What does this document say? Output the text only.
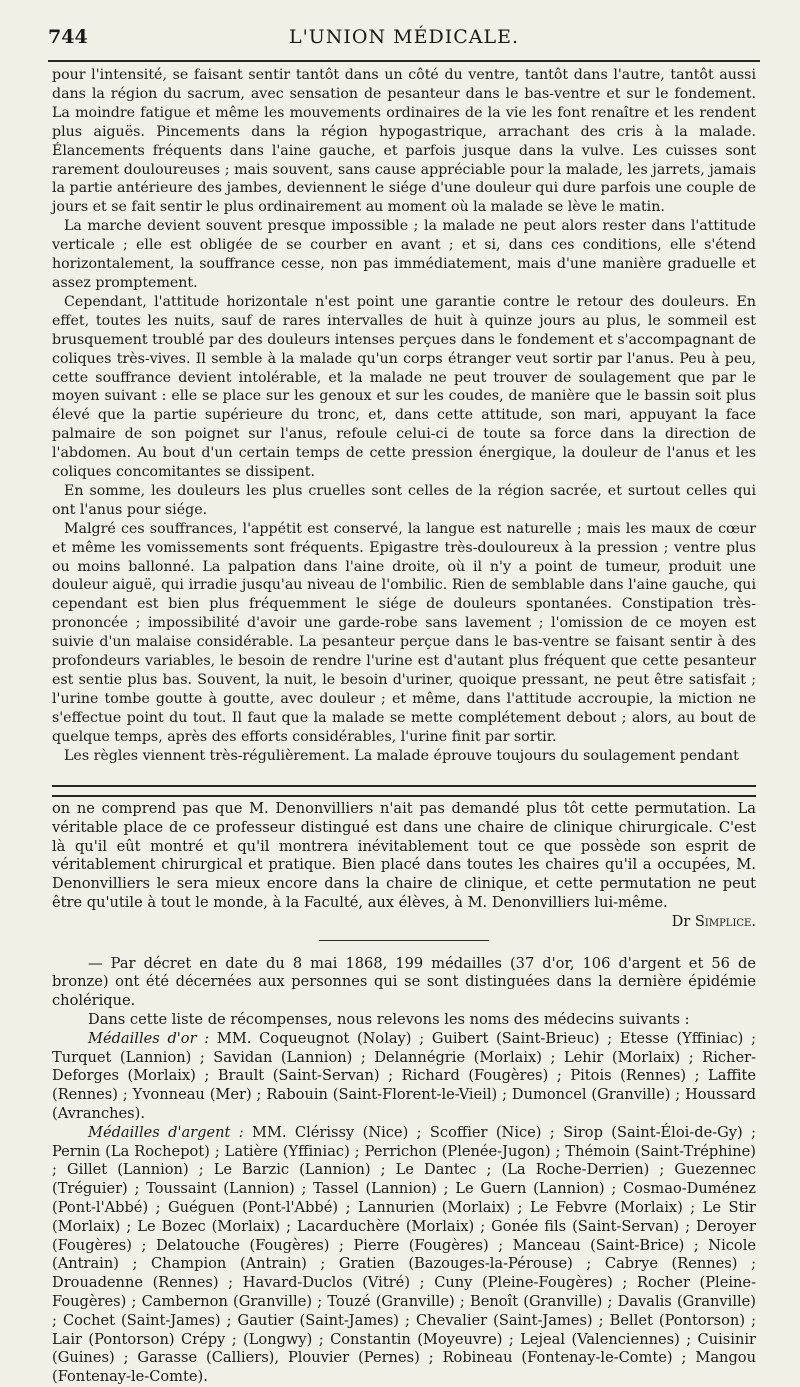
744	L'UNION MÉDICALE.

pour l'intensité, se faisant sentir tantôt dans un côté du ventre, tantôt dans l'autre, tantôt aussi dans la région du sacrum, avec sensation de pesanteur dans le bas-ventre et sur le fondement. La moindre fatigue et même les mouvements ordinaires de la vie les font renaître et les rendent plus aiguës. Pincements dans la région hypogastrique, arrachant des cris à la malade. Élancements fréquents dans l'aine gauche, et parfois jusque dans la vulve. Les cuisses sont rarement douloureuses ; mais souvent, sans cause appréciable pour la malade, les jarrets, jamais la partie antérieure des jambes, deviennent le siége d'une douleur qui dure parfois une couple de jours et se fait sentir le plus ordinairement au moment où la malade se lève le matin.

La marche devient souvent presque impossible ; la malade ne peut alors rester dans l'attitude verticale ; elle est obligée de se courber en avant ; et si, dans ces conditions, elle s'étend horizontalement, la souffrance cesse, non pas immédiatement, mais d'une manière graduelle et assez promptement.

Cependant, l'attitude horizontale n'est point une garantie contre le retour des douleurs. En effet, toutes les nuits, sauf de rares intervalles de huit à quinze jours au plus, le sommeil est brusquement troublé par des douleurs intenses perçues dans le fondement et s'accompagnant de coliques très-vives. Il semble à la malade qu'un corps étranger veut sortir par l'anus. Peu à peu, cette souffrance devient intolérable, et la malade ne peut trouver de soulagement que par le moyen suivant : elle se place sur les genoux et sur les coudes, de manière que le bassin soit plus élevé que la partie supérieure du tronc, et, dans cette attitude, son mari, appuyant la face palmaire de son poignet sur l'anus, refoule celui-ci de toute sa force dans la direction de l'abdomen. Au bout d'un certain temps de cette pression énergique, la douleur de l'anus et les coliques concomitantes se dissipent.

En somme, les douleurs les plus cruelles sont celles de la région sacrée, et surtout celles qui ont l'anus pour siége.

Malgré ces souffrances, l'appétit est conservé, la langue est naturelle ; mais les maux de cœur et même les vomissements sont fréquents. Epigastre très-douloureux à la pression ; ventre plus ou moins ballonné. La palpation dans l'aine droite, où il n'y a point de tumeur, produit une douleur aiguë, qui irradie jusqu'au niveau de l'ombilic. Rien de semblable dans l'aine gauche, qui cependant est bien plus fréquemment le siége de douleurs spontanées. Constipation très-prononcée ; impossibilité d'avoir une garde-robe sans lavement ; l'omission de ce moyen est suivie d'un malaise considérable. La pesanteur perçue dans le bas-ventre se faisant sentir à des profondeurs variables, le besoin de rendre l'urine est d'autant plus fréquent que cette pesanteur est sentie plus bas. Souvent, la nuit, le besoin d'uriner, quoique pressant, ne peut être satisfait ; l'urine tombe goutte à goutte, avec douleur ; et même, dans l'attitude accroupie, la miction ne s'effectue point du tout. Il faut que la malade se mette complétement debout ; alors, au bout de quelque temps, après des efforts considérables, l'urine finit par sortir.

Les règles viennent très-régulièrement. La malade éprouve toujours du soulagement pendant

on ne comprend pas que M. Denonvilliers n'ait pas demandé plus tôt cette permutation. La véritable place de ce professeur distingué est dans une chaire de clinique chirurgicale. C'est là qu'il eût montré et qu'il montrera inévitablement tout ce que possède son esprit de véritablement chirurgical et pratique. Bien placé dans toutes les chaires qu'il a occupées, M. Denonvilliers le sera mieux encore dans la chaire de clinique, et cette permutation ne peut être qu'utile à tout le monde, à la Faculté, aux élèves, à M. Denonvilliers lui-même.

Dr Simplice.

— Par décret en date du 8 mai 1868, 199 médailles (37 d'or, 106 d'argent et 56 de bronze) ont été décernées aux personnes qui se sont distinguées dans la dernière épidémie cholérique.

Dans cette liste de récompenses, nous relevons les noms des médecins suivants :

Médailles d'or : MM. Coqueugnot (Nolay) ; Guibert (Saint-Brieuc) ; Etesse (Yffiniac) ; Turquet (Lannion) ; Savidan (Lannion) ; Delannégrie (Morlaix) ; Lehir (Morlaix) ; Richer-Deforges (Morlaix) ; Brault (Saint-Servan) ; Richard (Fougères) ; Pitois (Rennes) ; Laffite (Rennes) ; Yvonneau (Mer) ; Rabouin (Saint-Florent-le-Vieil) ; Dumoncel (Granville) ; Houssard (Avranches).

Médailles d'argent : MM. Clérissy (Nice) ; Scoffier (Nice) ; Sirop (Saint-Éloi-de-Gy) ; Pernin (La Rochepot) ; Latière (Yffiniac) ; Perrichon (Plenée-Jugon) ; Thémoin (Saint-Tréphine) ; Gillet (Lannion) ; Le Barzic (Lannion) ; Le Dantec ; (La Roche-Derrien) ; Guezennec (Tréguier) ; Toussaint (Lannion) ; Tassel (Lannion) ; Le Guern (Lannion) ; Cosmao-Duménez (Pont-l'Abbé) ; Guéguen (Pont-l'Abbé) ; Lannurien (Morlaix) ; Le Febvre (Morlaix) ; Le Stir (Morlaix) ; Le Bozec (Morlaix) ; Lacarduchère (Morlaix) ; Gonée fils (Saint-Servan) ; Deroyer (Fougères) ; Delatouche (Fougères) ; Pierre (Fougères) ; Manceau (Saint-Brice) ; Nicole (Antrain) ; Champion (Antrain) ; Gratien (Bazouges-la-Pérouse) ; Cabrye (Rennes) ; Drouadenne (Rennes) ; Havard-Duclos (Vitré) ; Cuny (Pleine-Fougères) ; Rocher (Pleine-Fougères) ; Cambernon (Granville) ; Touzé (Granville) ; Benoît (Granville) ; Davalis (Granville) ; Cochet (Saint-James) ; Gautier (Saint-James) ; Chevalier (Saint-James) ; Bellet (Pontorson) ; Lair (Pontorson) Crépy ; (Longwy) ; Constantin (Moyeuvre) ; Lejeal (Valenciennes) ; Cuisinir (Guines) ; Garasse (Calliers), Plouvier (Pernes) ; Robineau (Fontenay-le-Comte) ; Mangou (Fontenay-le-Comte).
